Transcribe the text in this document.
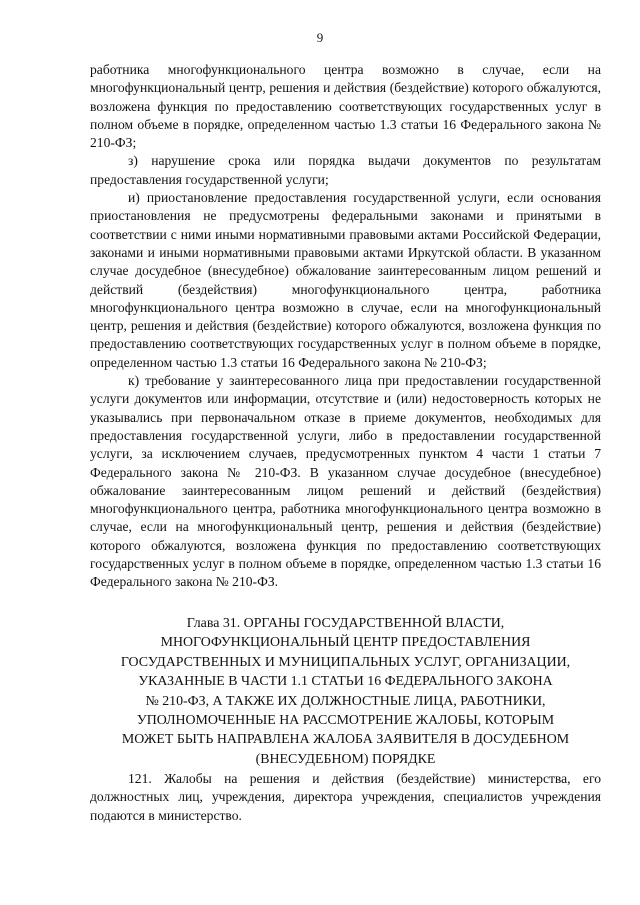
9

работника многофункционального центра возможно в случае, если на многофункциональный центр, решения и действия (бездействие) которого обжалуются, возложена функция по предоставлению соответствующих государственных услуг в полном объеме в порядке, определенном частью 1.3 статьи 16 Федерального закона № 210-ФЗ;

з) нарушение срока или порядка выдачи документов по результатам предоставления государственной услуги;

и) приостановление предоставления государственной услуги, если основания приостановления не предусмотрены федеральными законами и принятыми в соответствии с ними иными нормативными правовыми актами Российской Федерации, законами и иными нормативными правовыми актами Иркутской области. В указанном случае досудебное (внесудебное) обжалование заинтересованным лицом решений и действий (бездействия) многофункционального центра, работника многофункционального центра возможно в случае, если на многофункциональный центр, решения и действия (бездействие) которого обжалуются, возложена функция по предоставлению соответствующих государственных услуг в полном объеме в порядке, определенном частью 1.3 статьи 16 Федерального закона № 210-ФЗ;

к) требование у заинтересованного лица при предоставлении государственной услуги документов или информации, отсутствие и (или) недостоверность которых не указывались при первоначальном отказе в приеме документов, необходимых для предоставления государственной услуги, либо в предоставлении государственной услуги, за исключением случаев, предусмотренных пунктом 4 части 1 статьи 7 Федерального закона № 210-ФЗ. В указанном случае досудебное (внесудебное) обжалование заинтересованным лицом решений и действий (бездействия) многофункционального центра, работника многофункционального центра возможно в случае, если на многофункциональный центр, решения и действия (бездействие) которого обжалуются, возложена функция по предоставлению соответствующих государственных услуг в полном объеме в порядке, определенном частью 1.3 статьи 16 Федерального закона № 210-ФЗ.

Глава 31. ОРГАНЫ ГОСУДАРСТВЕННОЙ ВЛАСТИ,
МНОГОФУНКЦИОНАЛЬНЫЙ ЦЕНТР ПРЕДОСТАВЛЕНИЯ
ГОСУДАРСТВЕННЫХ И МУНИЦИПАЛЬНЫХ УСЛУГ, ОРГАНИЗАЦИИ,
УКАЗАННЫЕ В ЧАСТИ 1.1 СТАТЬИ 16 ФЕДЕРАЛЬНОГО ЗАКОНА
№ 210-ФЗ, А ТАКЖЕ ИХ ДОЛЖНОСТНЫЕ ЛИЦА, РАБОТНИКИ,
УПОЛНОМОЧЕННЫЕ НА РАССМОТРЕНИЕ ЖАЛОБЫ, КОТОРЫМ
МОЖЕТ БЫТЬ НАПРАВЛЕНА ЖАЛОБА ЗАЯВИТЕЛЯ В ДОСУДЕБНОМ
(ВНЕСУДЕБНОМ) ПОРЯДКЕ

121. Жалобы на решения и действия (бездействие) министерства, его должностных лиц, учреждения, директора учреждения, специалистов учреждения подаются в министерство.
